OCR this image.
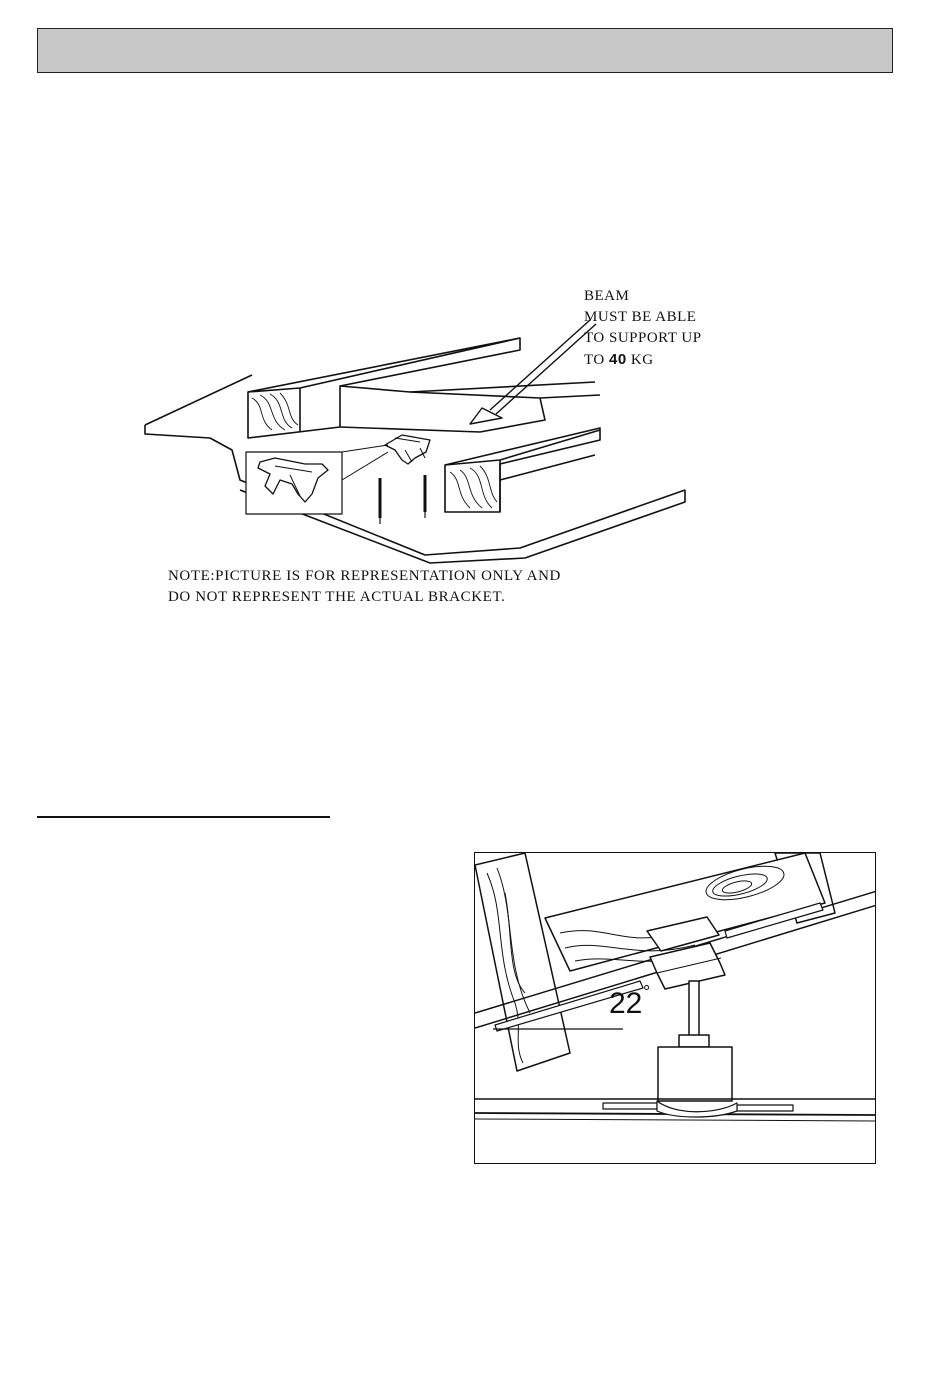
BEAM
MUST BE ABLE
TO SUPPORT UP
TO 40 KG

NOTE:PICTURE IS FOR REPRESENTATION ONLY AND
DO NOT REPRESENT THE ACTUAL BRACKET.

22 °
